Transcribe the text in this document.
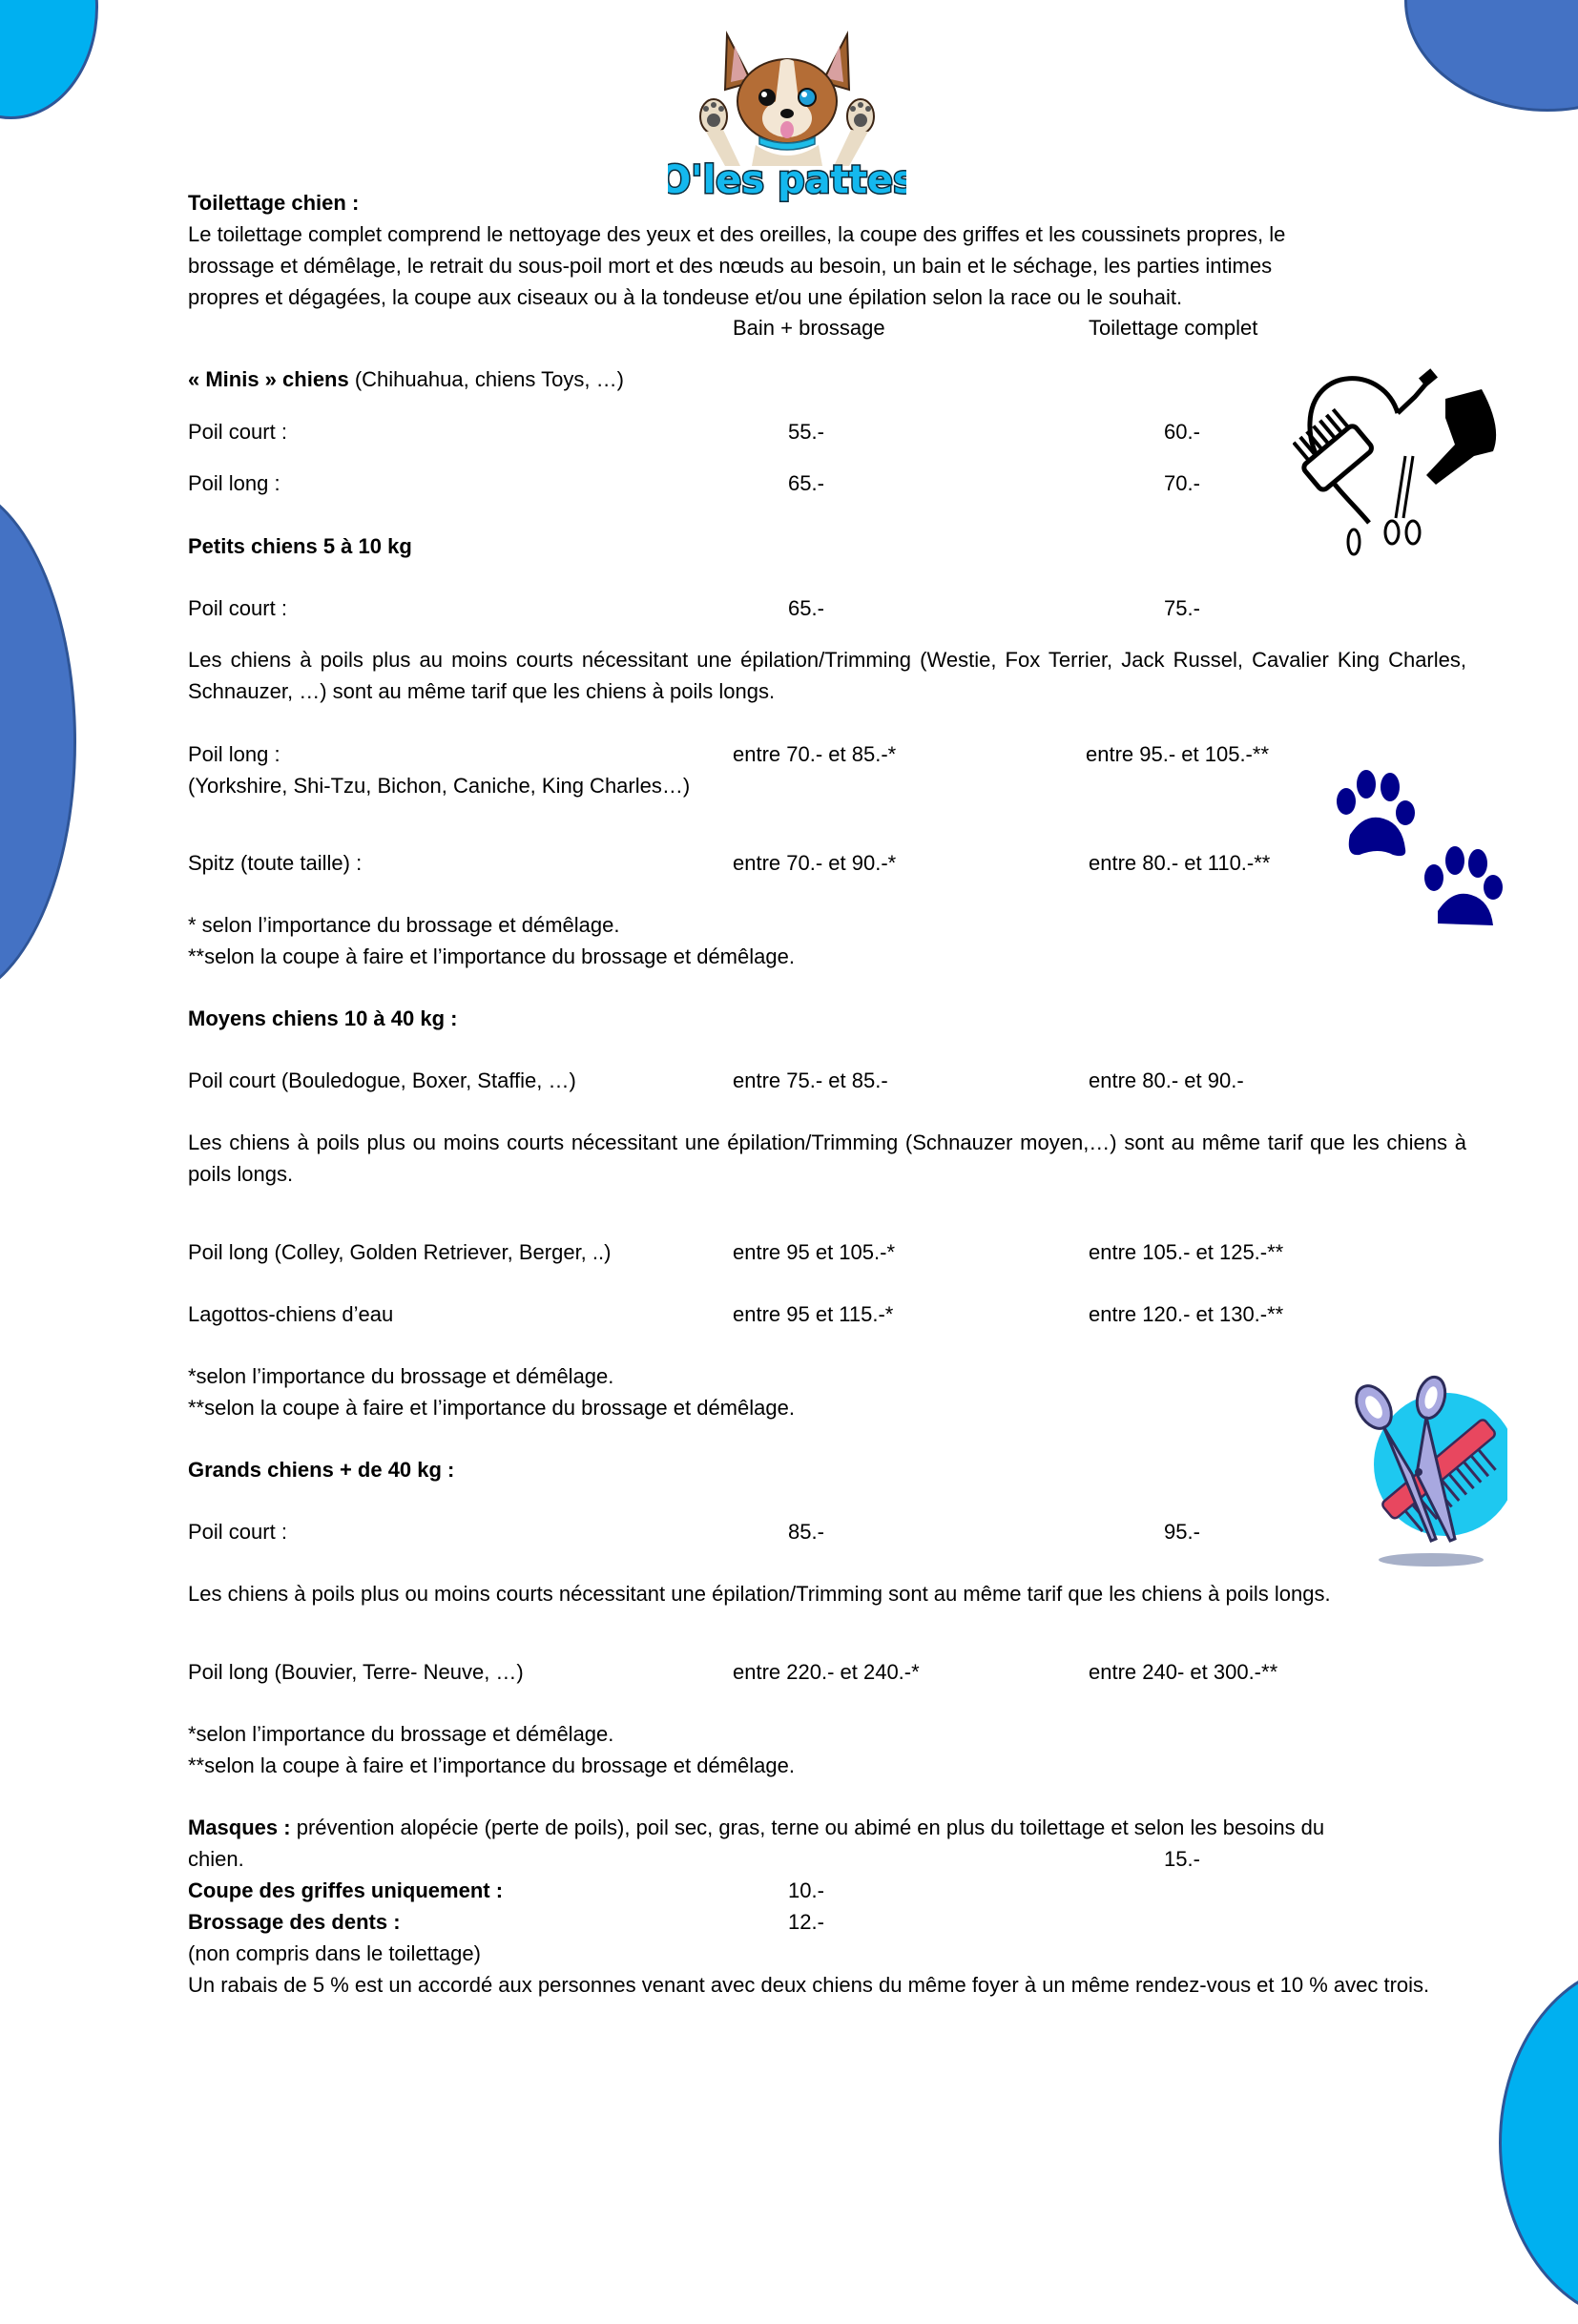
O'les pattes
Toilettage chien :
Le toilettage complet comprend le nettoyage des yeux et des oreilles, la coupe des griffes et les coussinets propres, le
brossage et démêlage, le retrait du sous-poil mort et des nœuds au besoin, un bain et le séchage, les parties intimes
propres et dégagées, la coupe aux ciseaux ou à la tondeuse et/ou une épilation selon la race ou le souhait.
Bain + brossage	Toilettage complet
« Minis » chiens (Chihuahua, chiens Toys, …)
Poil court :	55.-	60.-
Poil long :	65.-	70.-
Petits chiens 5 à 10 kg
Poil court :	65.-	75.-
Les chiens à poils plus au moins courts nécessitant une épilation/Trimming (Westie, Fox Terrier, Jack Russel, Cavalier King Charles, Schnauzer, …) sont au même tarif que les chiens à poils longs.
Poil long :	entre 70.- et 85.-*	entre 95.- et 105.-**
(Yorkshire, Shi-Tzu, Bichon, Caniche, King Charles…)
Spitz (toute taille) :	entre 70.- et 90.-*	entre 80.- et 110.-**
* selon l’importance du brossage et démêlage.
**selon la coupe à faire et l’importance du brossage et démêlage.
Moyens chiens 10 à 40 kg :
Poil court (Bouledogue, Boxer, Staffie, …)	entre 75.- et 85.-	entre 80.- et 90.-
Les chiens à poils plus ou moins courts nécessitant une épilation/Trimming (Schnauzer moyen,…) sont au même tarif que les chiens à poils longs.
Poil long (Colley, Golden Retriever, Berger, ..)	entre 95 et 105.-*	entre 105.- et 125.-**
Lagottos-chiens d’eau	entre 95 et 115.-*	entre 120.- et 130.-**
*selon l’importance du brossage et démêlage.
**selon la coupe à faire et l’importance du brossage et démêlage.
Grands chiens + de 40 kg :
Poil court :	85.-	95.-
Les chiens à poils plus ou moins courts nécessitant une épilation/Trimming sont au même tarif que les chiens à poils longs.
Poil long (Bouvier, Terre- Neuve, …)	entre 220.- et 240.-*	entre 240- et 300.-**
*selon l’importance du brossage et démêlage.
**selon la coupe à faire et l’importance du brossage et démêlage.
Masques : prévention alopécie (perte de poils), poil sec, gras, terne ou abimé en plus du toilettage et selon les besoins du
chien.	15.-
Coupe des griffes uniquement :	10.-
Brossage des dents :	12.-
(non compris dans le toilettage)
Un rabais de 5 % est un accordé aux personnes venant avec deux chiens du même foyer à un même rendez-vous et 10 % avec trois.
